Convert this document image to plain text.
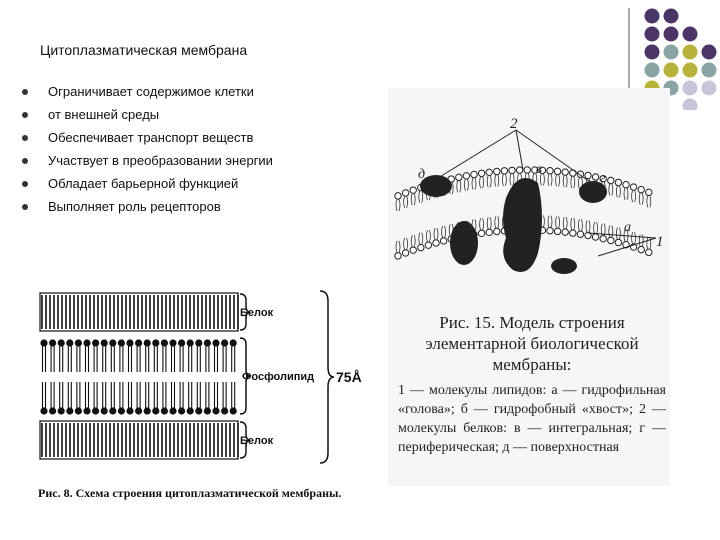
Цитоплазматическая мембрана
Ограничивает содержимое клетки
от внешней среды
Обеспечивает транспорт веществ
Участвует в преобразовании энергии
Обладает барьерной функцией
Выполняет роль рецепторов
2
д	в
г
а
1
Рис. 15. Модель строения элементарной биологической мембраны:
1 — молекулы липидов: а — гидрофильная «голова»; б — гидрофобный «хвост»; 2 — молекулы белков: в — интегральная; г — периферическая; д — поверхностная
Белок
Фосфолипид 75Å
Белок
Рис. 8. Схема строения цитоплазматической мембраны.
